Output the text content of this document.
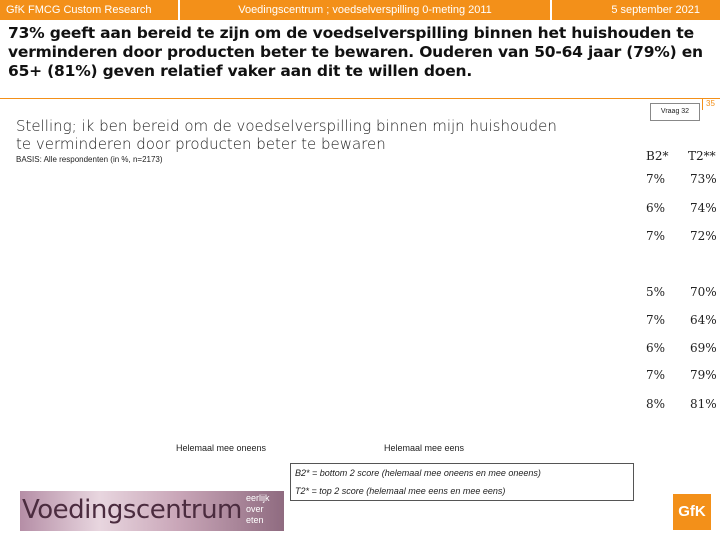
GfK FMCG Custom Research	Voedingscentrum ; voedselverspilling 0-meting 2011	5 september 2021
73% geeft aan bereid te zijn om de voedselverspilling binnen het huishouden te verminderen door producten beter te bewaren. Ouderen van 50-64 jaar (79%) en 65+ (81%) geven relatief vaker aan dit te willen doen.
35
Vraag 32
Stelling; ik ben bereid om de voedselverspilling binnen mijn huishouden te verminderen door producten beter te bewaren
BASIS: Alle respondenten (in %, n=2173)	B2* T2**
7% 73%
6% 74%
7% 72%
5% 70%
7% 64%
6% 69%
7% 79%
8% 81%
Helemaal mee oneens	Helemaal mee eens
B2* = bottom 2 score (helemaal mee oneens en mee oneens)
T2* = top 2 score (helemaal mee eens en mee eens)
Voedingscentrum eerlijk
over
eten	GfK
